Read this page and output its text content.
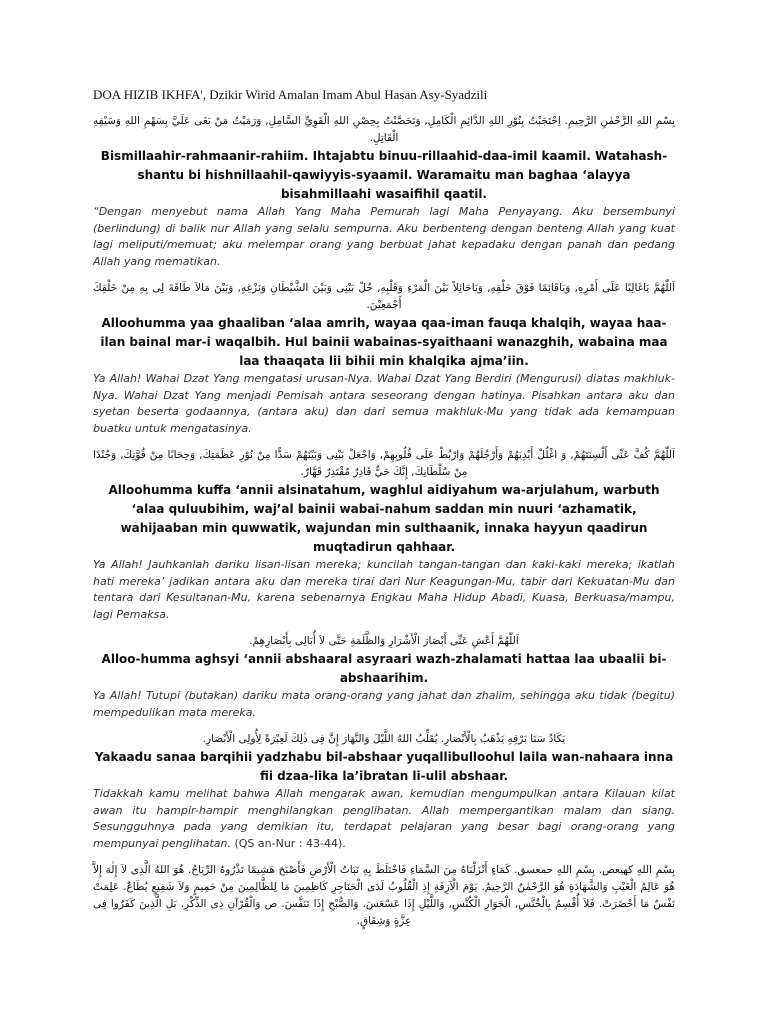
DOA HIZIB IKHFA', Dzikir Wirid Amalan Imam Abul Hasan Asy-Syadzili
بِسْمِ اللهِ الرَّحْمٰنِ الرَّحِيمِ. اِحْتَجَبْتُ بِنُوْرِ اللهِ الدَّائِمِ الْكَامِلِ, وَتَحَصَّنْتُ بِحِصْنِ اللهِ الْقَوِيِّ السَّامِلِ, وَرَمَيْتُ مَنْ بَغَى عَلَيَّ بِسَهْمِ اللهِ وَسَيْفِهِ الْقَاتِلِ.
Bismillaahir-rahmaanir-rahiim. Ihtajabtu binuu-rillaahid-daa-imil kaamil. Watahash-shantu bi hishnillaahil-qawiyyis-syaamil. Waramaitu man baghaa ‘alayya bisahmillaahi wasaifihil qaatil.
“Dengan menyebut nama Allah Yang Maha Pemurah lagi Maha Penyayang. Aku bersembunyi (berlindung) di balik nur Allah yang selalu sempurna. Aku berbenteng dengan benteng Allah yang kuat lagi meliputi/memuat; aku melempar orang yang berbuat jahat kepadaku dengan panah dan pedang Allah yang mematikan.
اَللّٰهُمَّ يَاغَالِبًا عَلَى أَمْرِهِ, وَيَاقَائِمًا فَوْقَ خَلْقِهِ, وَيَاحَائِلاً بَيْنَ الْمَرْءِ وَقَلْبِهِ, حُلْ بَيْنِى وَبَيْنَ الشَّيْطَانِ وَنَزْغِهِ, وَبَيْنَ مَالاَ طَاقَةَ لِى بِهِ مِنْ خَلْقِكَ أَجْمَعِيْنَ.
Alloohumma yaa ghaaliban ‘alaa amrih, wayaa qaa-iman fauqa khalqih, wayaa haa-ilan bainal mar-i waqalbih. Hul bainii wabainas-syaithaani wanazghih, wabaina maa laa thaaqata lii bihii min khalqika ajma’iin.
Ya Allah! Wahai Dzat Yang mengatasi urusan-Nya. Wahai Dzat Yang Berdiri (Mengurusi) diatas makhluk-Nya. Wahai Dzat Yang menjadi Pemisah antara seseorang dengan hatinya. Pisahkan antara aku dan syetan beserta godaannya, (antara aku) dan dari semua makhluk-Mu yang tidak ada kemampuan buatku untuk mengatasinya.
اَللّٰهُمَّ كُفَّ عَنِّى أَلْسِنَتَهُمْ, وَ اغْلُلْ أَيْدِيَهُمْ وَأَرْجُلَهُمْ وَارْبُطْ عَلَى قُلُوبِهِمْ, وَاجْعَلْ بَيْنِى وَبَيْنَهُمْ سَدًّا مِنْ نُوْرِ عَظَمَتِكَ, وَحِجَابًا مِنْ قُوَّتِكَ, وَجُنْدًا مِنْ سُلْطَانِكَ, إِنَّكَ حَيٌّ قَادِرٌ مُقْتَدِرٌ قَهَّارٌ.
Alloohumma kuffa ‘annii alsinatahum, waghlul aidiyahum wa-arjulahum, warbuth ‘alaa quluubihim, waj’al bainii wabai-nahum saddan min nuuri ‘azhamatik, wahijaaban min quwwatik, wajundan min sulthaanik, innaka hayyun qaadirun muqtadirun qahhaar.
Ya Allah! Jauhkanlah dariku lisan-lisan mereka; kuncilah tangan-tangan dan kaki-kaki mereka; ikatlah hati mereka’ jadikan antara aku dan mereka tirai dari Nur Keagungan-Mu, tabir dari Kekuatan-Mu dan tentara dari Kesultanan-Mu, karena sebenarnya Engkau Maha Hidup Abadi, Kuasa, Berkuasa/mampu, lagi Pemaksa.
اَللّٰهُمَّ أَعْشِ عَنِّى أَبْصَارَ الْأَشْرَارِ وَالظَّلَمَةِ حَتَّى لاَ أُبَالِى بِأَبْصَارِهِمْ.
Alloo-humma aghsyi ‘annii abshaaral asyraari wazh-zhalamati hattaa laa ubaalii bi-abshaarihim.
Ya Allah! Tutupi (butakan) dariku mata orang-orang yang jahat dan zhalim, sehingga aku tidak (begitu) mempedulikan mata mereka.
يَكَادُ سَنَا بَرْقِهِ يَذْهَبُ بِالْأَبْصَارِ. يُقَلِّبُ اللهُ اللَّيْلَ وَالنَّهَارَ إِنَّ فِى ذٰلِكَ لَعِبْرَةً لِأُولِى الْأَبْصَارِ.
Yakaadu sanaa barqihii yadzhabu bil-abshaar yuqallibulloohul laila wan-nahaara inna fii dzaa-lika la’ibratan li-ulil abshaar.
Tidakkah kamu melihat bahwa Allah mengarak awan, kemudian mengumpulkan antara Kilauan kilat awan itu hampir-hampir menghilangkan penglihatan. Allah mempergantikan malam dan siang. Sesungguhnya pada yang demikian itu, terdapat pelajaran yang besar bagi orang-orang yang mempunyai penglihatan. (QS an-Nur : 43-44).
بِسْمِ اللهِ كهيعص. بِسْمِ اللهِ حمعسق. كَمَاءٍ أَنْزَلْنَاهُ مِنَ السَّمَاءِ فَاخْتَلَطَ بِهِ نَبَاتُ الْأَرْضِ فَأَصْبَحَ هَشِيمًا تَذْرُوهُ الرِّيَاحُ. هُوَ اللهُ الَّذِى لاَ إِلٰهَ إِلاَّ هُوَ عَالِمُ الْغَيْبِ وَالشَّهَادَةِ هُوَ الرَّحْمٰنُ الرَّحِيمُ. يَوْمَ الْآزِفَةِ إِذِ الْقُلُوبُ لَدَى الْحَنَاجِرِ كَاظِمِينَ مَا لِلظَّالِمِينَ مِنْ حَمِيمٍ وَلاَ شَفِيعٍ يُطَاعُ. عَلِمَتْ نَفْسٌ مَا أَحْضَرَتْ. فَلاَ أُقْسِمُ بِالْخُنَّسِ, الْجَوَارِ الْكُنَّسِ, وَاللَّيْلِ إِذَا عَسْعَسَ. وَالصُّبْحِ إِذَا تَنَفَّسَ. ص وَالْقُرْآنِ ذِى الذِّكْرِ. بَلِ الَّذِينَ كَفَرُوا فِى عِزَّةٍ وَشِقَاقٍ.
